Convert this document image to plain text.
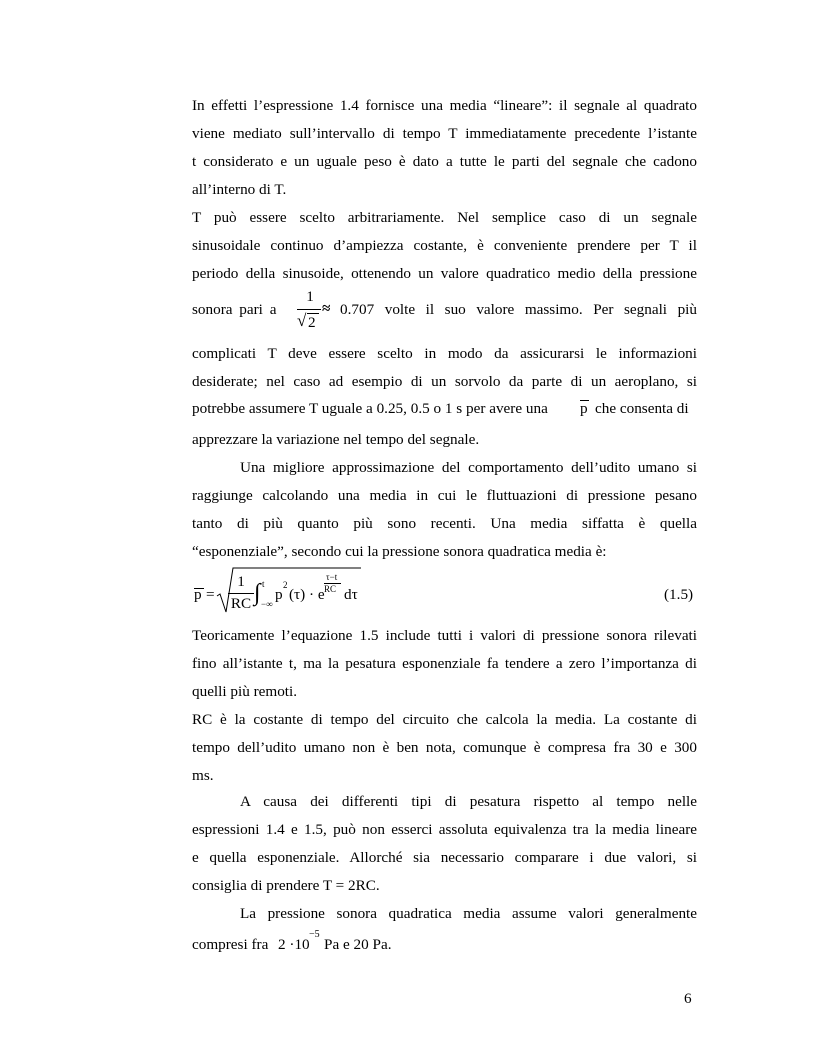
In effetti l’espressione 1.4 fornisce una media “lineare”: il segnale al quadrato
viene mediato sull’intervallo di tempo T immediatamente precedente l’istante
t considerato e un uguale peso è dato a tutte le parti del segnale che cadono
all’interno di T.
T può essere scelto arbitrariamente. Nel semplice caso di un segnale
sinusoidale continuo d’ampiezza costante, è conveniente prendere per T il
periodo della sinusoide, ottenendo un valore quadratico medio della pressione
sonora pari a
1
√ 2
≈ 0.707 volte il suo valore massimo. Per segnali più
complicati T deve essere scelto in modo da assicurarsi le informazioni
desiderate; nel caso ad esempio di un sorvolo da parte di un aeroplano, si
potrebbe assumere T uguale a 0.25, 0.5 o 1 s per avere una p che consenta di
apprezzare la variazione nel tempo del segnale.
Una migliore approssimazione del comportamento dell’udito umano si
raggiunge calcolando una media in cui le fluttuazioni di pressione pesano
tanto di più quanto più sono recenti. Una media siffatta è quella
“esponenziale”, secondo cui la pressione sonora quadratica media è:
p =
1
RC ∫ t
−∞
p
2
(τ) · e
τ−t
RC dτ	(1.5)
Teoricamente l’equazione 1.5 include tutti i valori di pressione sonora rilevati
fino all’istante t, ma la pesatura esponenziale fa tendere a zero l’importanza di
quelli più remoti.
RC è la costante di tempo del circuito che calcola la media. La costante di
tempo dell’udito umano non è ben nota, comunque è compresa fra 30 e 300
ms.
A causa dei differenti tipi di pesatura rispetto al tempo nelle
espressioni 1.4 e 1.5, può non esserci assoluta equivalenza tra la media lineare
e quella esponenziale. Allorché sia necessario comparare i due valori, si
consiglia di prendere T = 2RC.
La pressione sonora quadratica media assume valori generalmente
compresi fra 2 ·10
−5
Pa e 20 Pa.
6
